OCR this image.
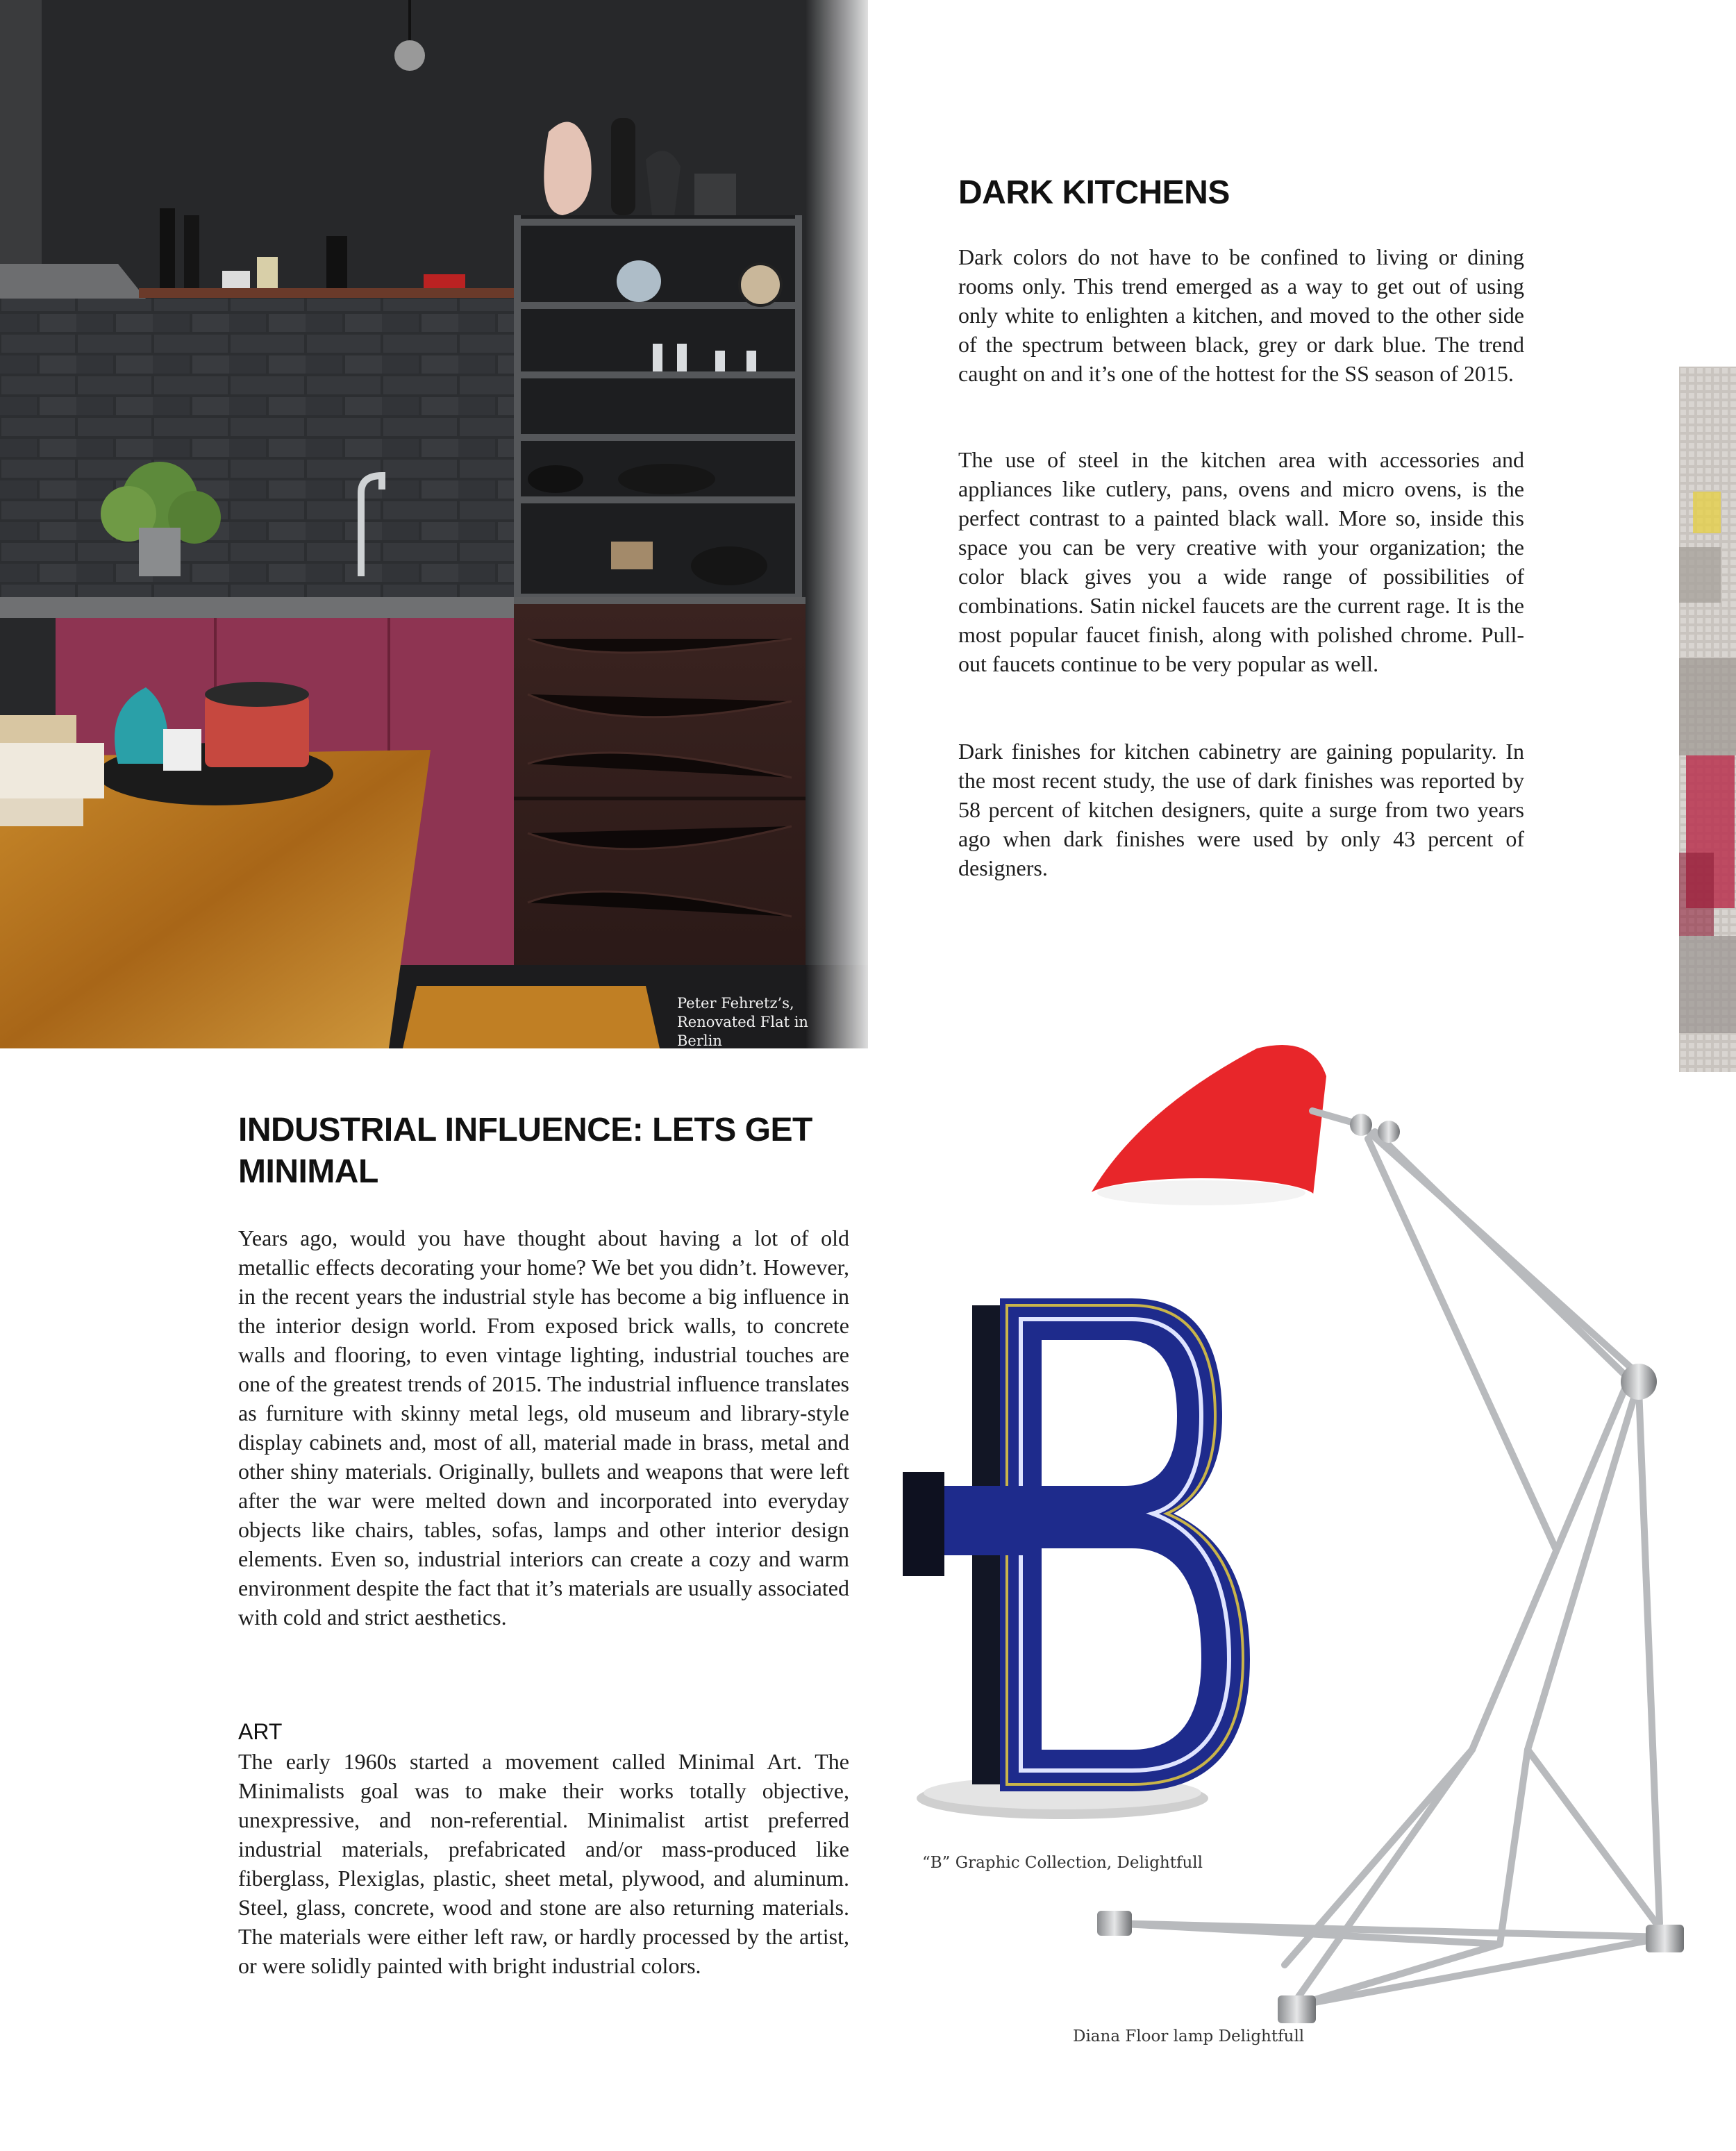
Peter Fehretz’s,
Renovated Flat in Berlin
DARK KITCHENS

Dark colors do not have to be confined to living or dining rooms only. This trend emerged as a way to get out of using only white to enlighten a kitchen, and moved to the other side of the spectrum between black, grey or dark blue. The trend caught on and it’s one of the hottest for the SS season of 2015.

The use of steel in the kitchen area with accessories and appliances like cutlery, pans, ovens and micro ovens, is the perfect contrast to a painted black wall. More so, inside this space you can be very creative with your organization; the color black gives you a wide range of possibilities of combinations. Satin nickel faucets are the current rage. It is the most popular faucet finish, along with polished chrome. Pull-out faucets continue to be very popular as well.

Dark finishes for kitchen cabinetry are gaining popularity. In the most recent study, the use of dark finishes was reported by 58 percent of kitchen designers, quite a surge from two years ago when dark finishes were used by only 43 percent of designers.

INDUSTRIAL INFLUENCE: LETS GET
MINIMAL

Years ago, would you have thought about having a lot of old metallic effects decorating your home? We bet you didn’t. However, in the recent years the industrial style has become a big influence in the interior design world. From exposed brick walls, to concrete walls and flooring, to even vintage lighting, industrial touches are one of the greatest trends of 2015. The industrial influence translates as furniture with skinny metal legs, old museum and library-style display cabinets and, most of all, material made in brass, metal and other shiny materials. Originally, bullets and weapons that were left after the war were melted down and incorporated into everyday objects like chairs, tables, sofas, lamps and other interior design elements. Even so, industrial interiors can create a cozy and warm environment despite the fact that it’s materials are usually associated with cold and strict aesthetics.

ART

The early 1960s started a movement called Minimal Art. The Minimalists goal was to make their works totally objective, unexpressive, and non-referential. Minimalist artist preferred industrial materials, prefabricated and/or mass-produced like fiberglass, Plexiglas, plastic, sheet metal, plywood, and aluminum. Steel, glass, concrete, wood and stone are also returning materials. The materials were either left raw, or hardly processed by the artist, or were solidly painted with bright industrial colors.

“B” Graphic Collection, Delightfull
Diana Floor lamp Delightfull
